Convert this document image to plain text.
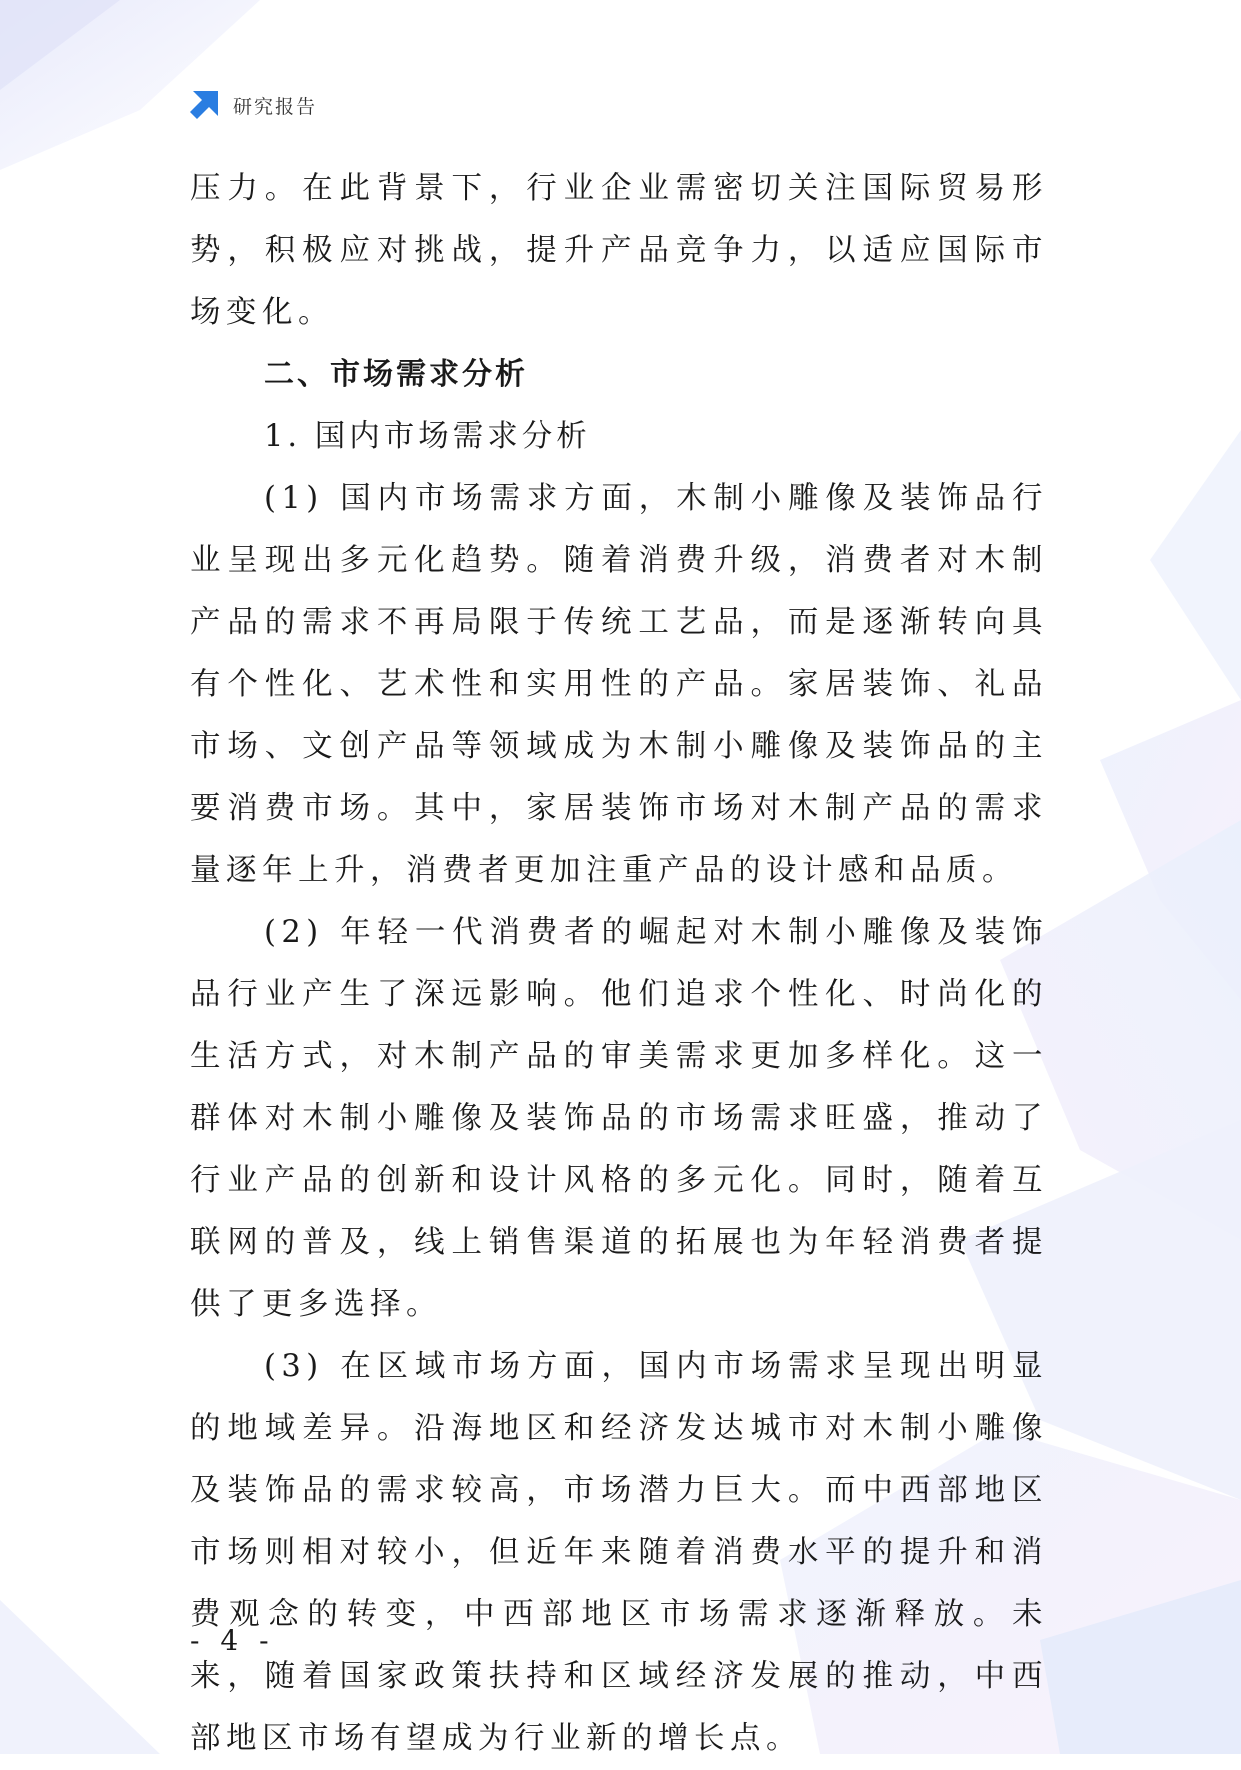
研究报告

压力。在此背景下，行业企业需密切关注国际贸易形势，积极应对挑战，提升产品竞争力，以适应国际市场变化。

二、市场需求分析

1. 国内市场需求分析

(1) 国内市场需求方面，木制小雕像及装饰品行业呈现出多元化趋势。随着消费升级，消费者对木制产品的需求不再局限于传统工艺品，而是逐渐转向具有个性化、艺术性和实用性的产品。家居装饰、礼品市场、文创产品等领域成为木制小雕像及装饰品的主要消费市场。其中，家居装饰市场对木制产品的需求量逐年上升，消费者更加注重产品的设计感和品质。

(2) 年轻一代消费者的崛起对木制小雕像及装饰品行业产生了深远影响。他们追求个性化、时尚化的生活方式，对木制产品的审美需求更加多样化。这一群体对木制小雕像及装饰品的市场需求旺盛，推动了行业产品的创新和设计风格的多元化。同时，随着互联网的普及，线上销售渠道的拓展也为年轻消费者提供了更多选择。

(3) 在区域市场方面，国内市场需求呈现出明显的地域差异。沿海地区和经济发达城市对木制小雕像及装饰品的需求较高，市场潜力巨大。而中西部地区市场则相对较小，但近年来随着消费水平的提升和消费观念的转变，中西部地区市场需求逐渐释放。未来，随着国家政策扶持和区域经济发展的推动，中西部地区市场有望成为行业新的增长点。

- 4 -
